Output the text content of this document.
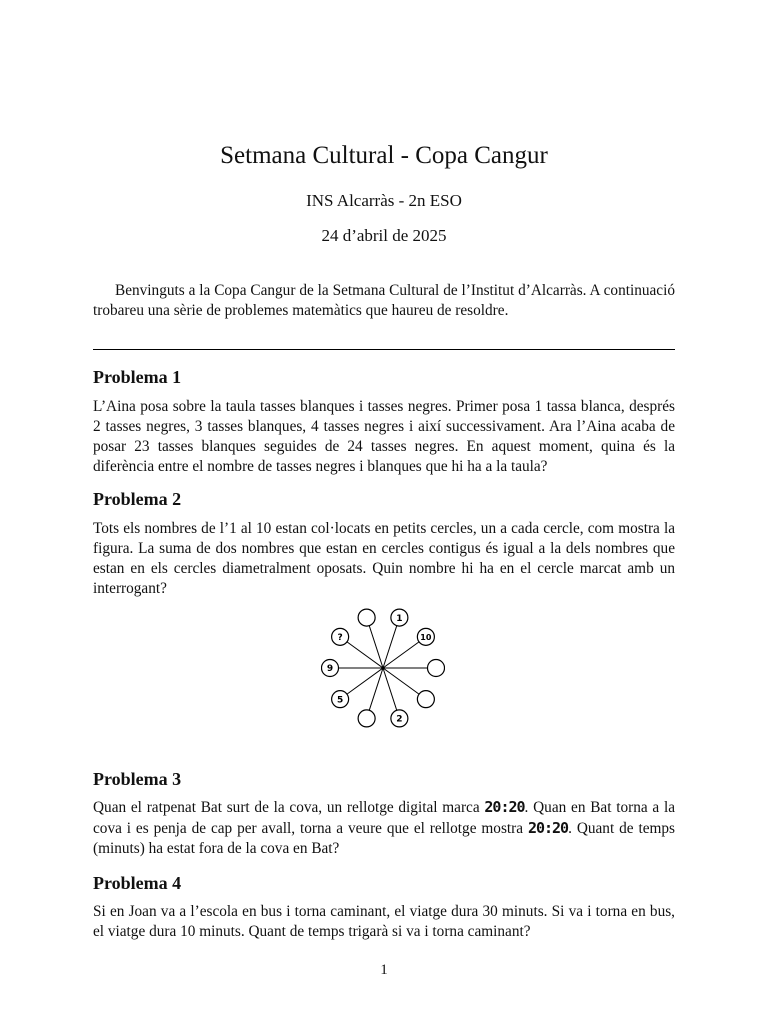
Setmana Cultural - Copa Cangur
INS Alcarràs - 2n ESO
24 d’abril de 2025
Benvinguts a la Copa Cangur de la Setmana Cultural de l’Institut d’Alcarràs. A continuació trobareu una sèrie de problemes matemàtics que haureu de resoldre.
Problema 1
L’Aina posa sobre la taula tasses blanques i tasses negres. Primer posa 1 tassa blanca, després 2 tasses negres, 3 tasses blanques, 4 tasses negres i així successivament. Ara l’Aina acaba de posar 23 tasses blanques seguides de 24 tasses negres. En aquest moment, quina és la diferència entre el nombre de tasses negres i blanques que hi ha a la taula?
Problema 2
Tots els nombres de l’1 al 10 estan col·locats en petits cercles, un a cada cercle, com mostra la figura. La suma de dos nombres que estan en cercles contigus és igual a la dels nombres que estan en els cercles diametralment oposats. Quin nombre hi ha en el cercle marcat amb un interrogant?
1
10
2
5
9
?
Problema 3
Quan el ratpenat Bat surt de la cova, un rellotge digital marca 20:20. Quan en Bat torna a la cova i es penja de cap per avall, torna a veure que el rellotge mostra 20:20. Quant de temps (minuts) ha estat fora de la cova en Bat?
Problema 4
Si en Joan va a l’escola en bus i torna caminant, el viatge dura 30 minuts. Si va i torna en bus, el viatge dura 10 minuts. Quant de temps trigarà si va i torna caminant?
1
